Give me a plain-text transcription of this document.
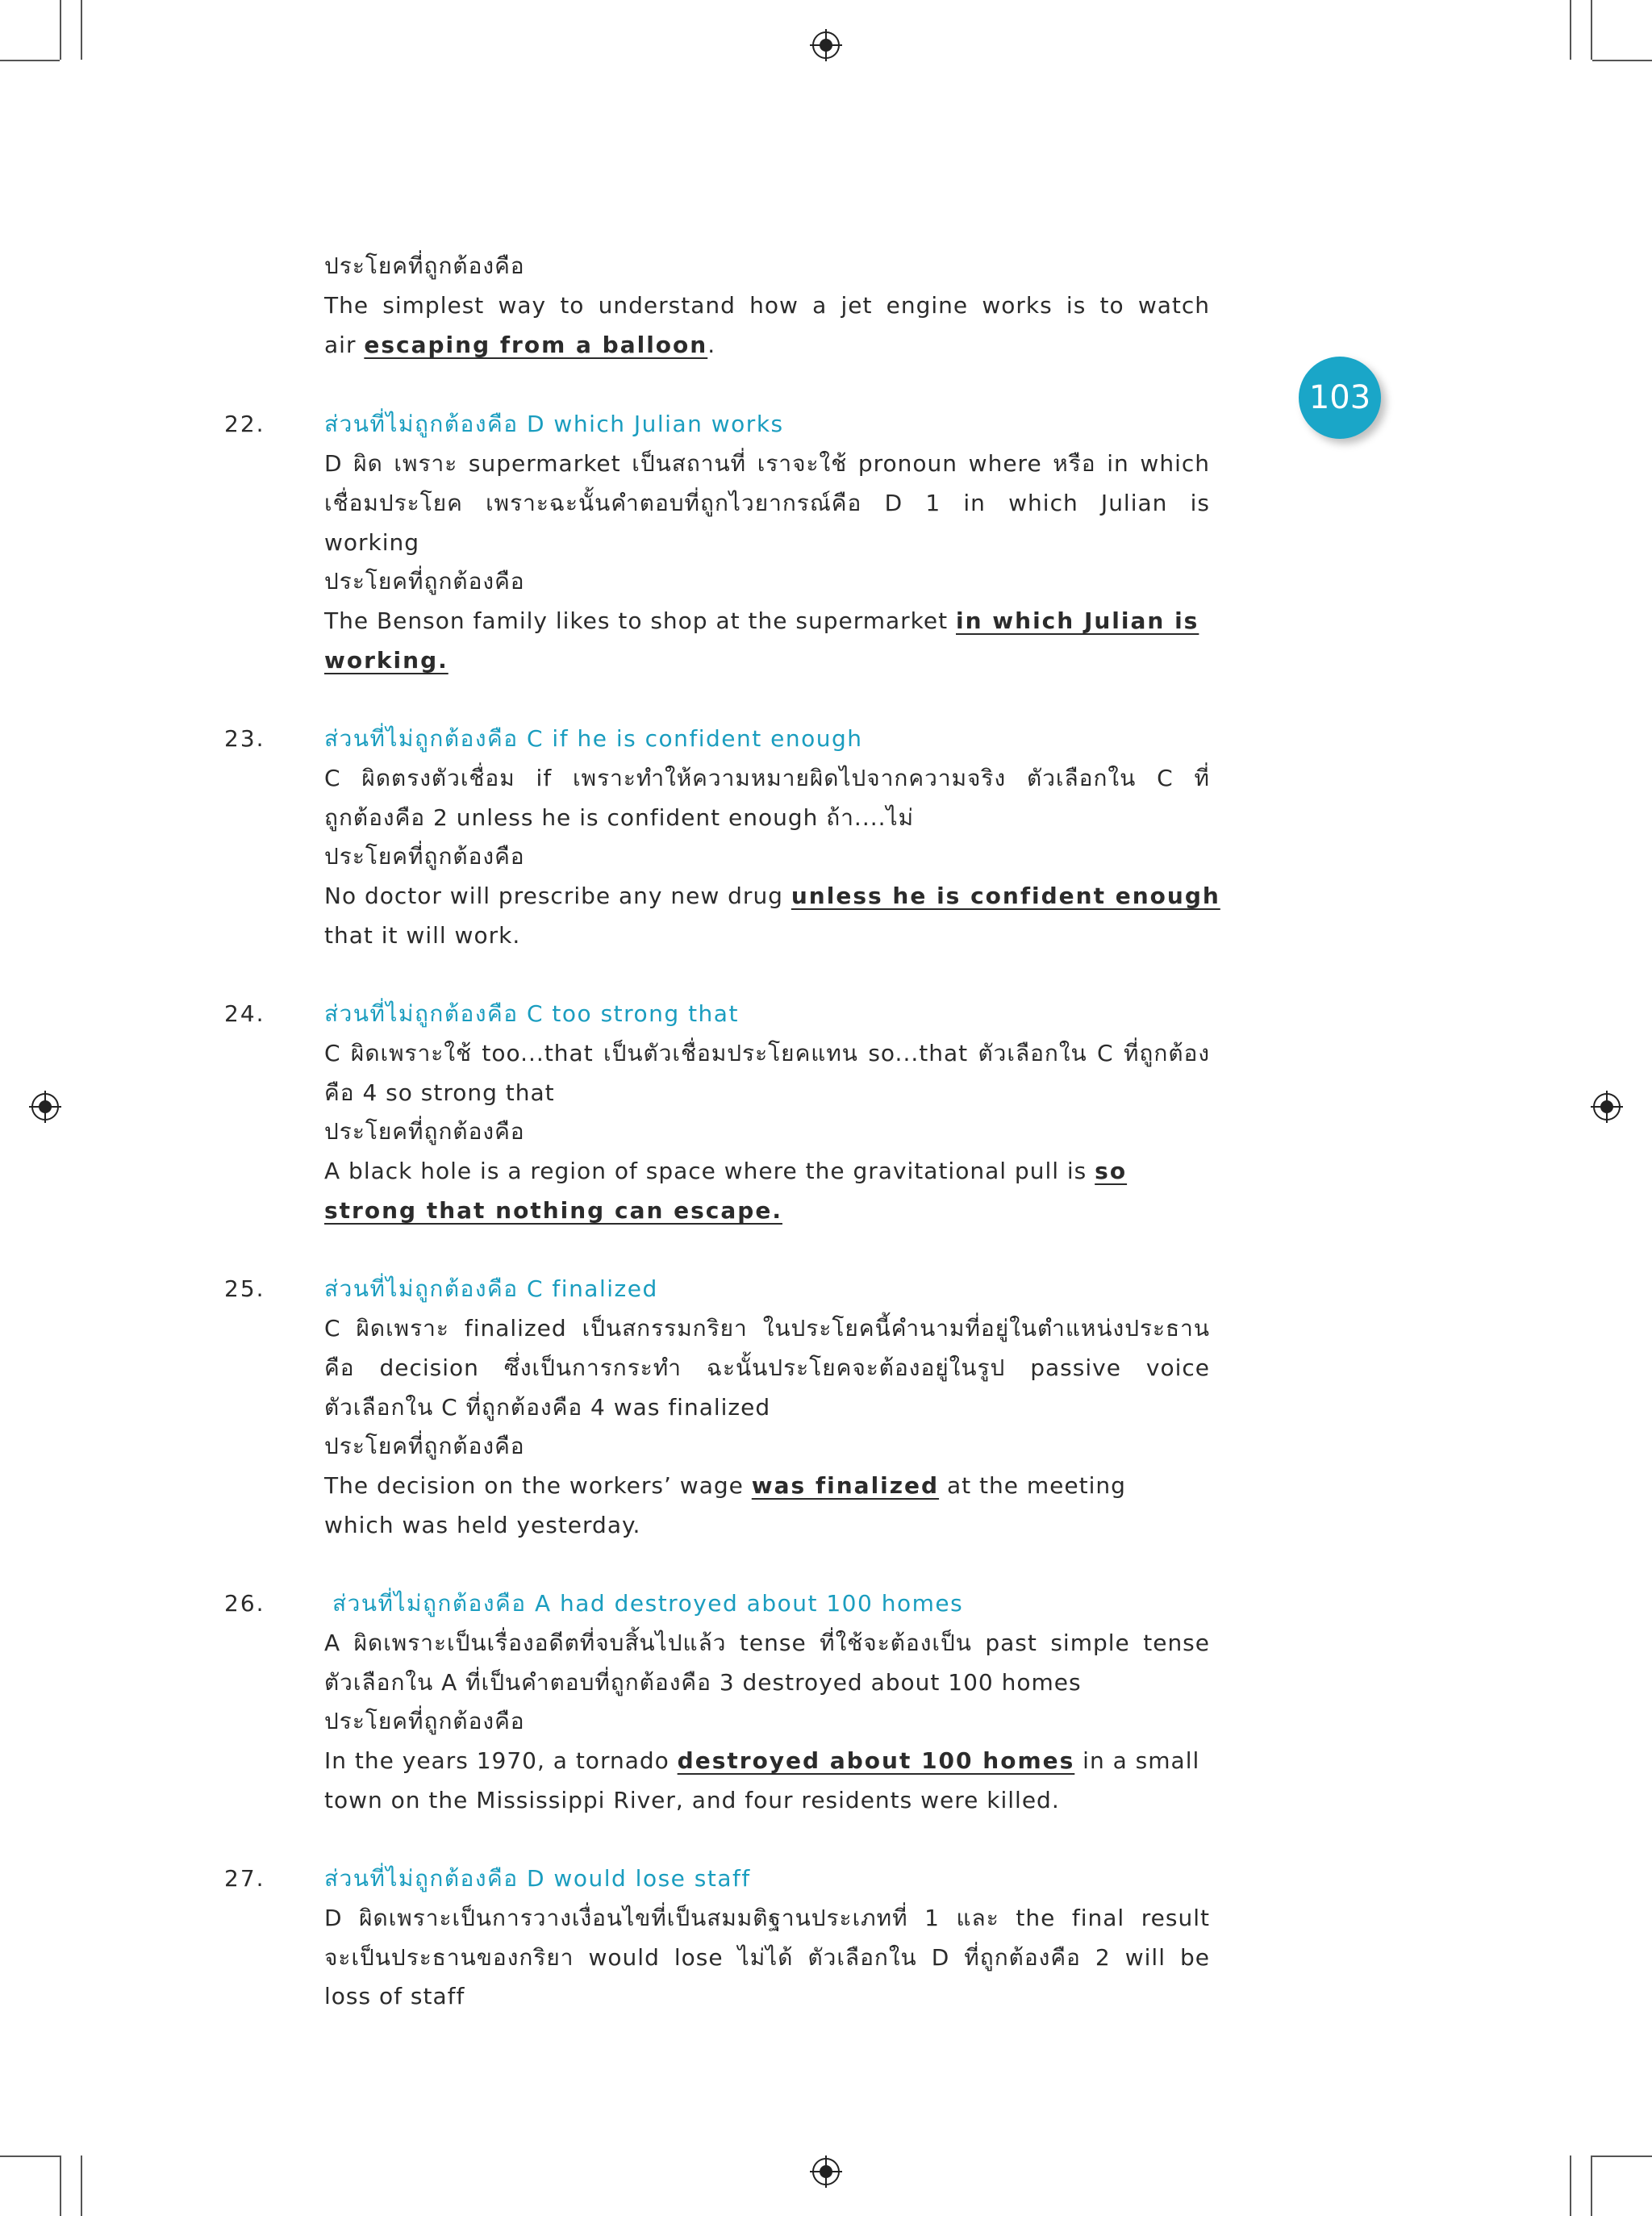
103
ประโยคที่ถูกต้องคือ
The simplest way to understand how a jet engine works is to watch
air escaping from a balloon.
22.	ส่วนที่ไม่ถูกต้องคือ D which Julian works
D ผิด เพราะ supermarket เป็นสถานที่ เราจะใช้ pronoun where หรือ in which
เชื่อมประโยค เพราะฉะนั้นคำตอบที่ถูกไวยากรณ์คือ D 1 in which Julian is
working
ประโยคที่ถูกต้องคือ
The Benson family likes to shop at the supermarket in which Julian is
working.
23.	ส่วนที่ไม่ถูกต้องคือ C if he is confident enough
C ผิดตรงตัวเชื่อม if เพราะทำให้ความหมายผิดไปจากความจริง ตัวเลือกใน C ที่
ถูกต้องคือ 2 unless he is confident enough ถ้า....ไม่
ประโยคที่ถูกต้องคือ
No doctor will prescribe any new drug unless he is confident enough
that it will work.
24.	ส่วนที่ไม่ถูกต้องคือ C too strong that
C ผิดเพราะใช้ too...that เป็นตัวเชื่อมประโยคแทน so...that ตัวเลือกใน C ที่ถูกต้อง
คือ 4 so strong that
ประโยคที่ถูกต้องคือ
A black hole is a region of space where the gravitational pull is so
strong that nothing can escape.
25.	ส่วนที่ไม่ถูกต้องคือ C finalized
C ผิดเพราะ finalized เป็นสกรรมกริยา ในประโยคนี้คำนามที่อยู่ในตำแหน่งประธาน
คือ decision ซึ่งเป็นการกระทำ ฉะนั้นประโยคจะต้องอยู่ในรูป passive voice
ตัวเลือกใน C ที่ถูกต้องคือ 4 was finalized
ประโยคที่ถูกต้องคือ
The decision on the workers’ wage was finalized at the meeting
which was held yesterday.
26.	ส่วนที่ไม่ถูกต้องคือ A had destroyed about 100 homes
A ผิดเพราะเป็นเรื่องอดีตที่จบสิ้นไปแล้ว tense ที่ใช้จะต้องเป็น past simple tense
ตัวเลือกใน A ที่เป็นคำตอบที่ถูกต้องคือ 3 destroyed about 100 homes
ประโยคที่ถูกต้องคือ
In the years 1970, a tornado destroyed about 100 homes in a small
town on the Mississippi River, and four residents were killed.
27.	ส่วนที่ไม่ถูกต้องคือ D would lose staff
D ผิดเพราะเป็นการวางเงื่อนไขที่เป็นสมมติฐานประเภทที่ 1 และ the final result
จะเป็นประธานของกริยา would lose ไม่ได้ ตัวเลือกใน D ที่ถูกต้องคือ 2 will be
loss of staff
